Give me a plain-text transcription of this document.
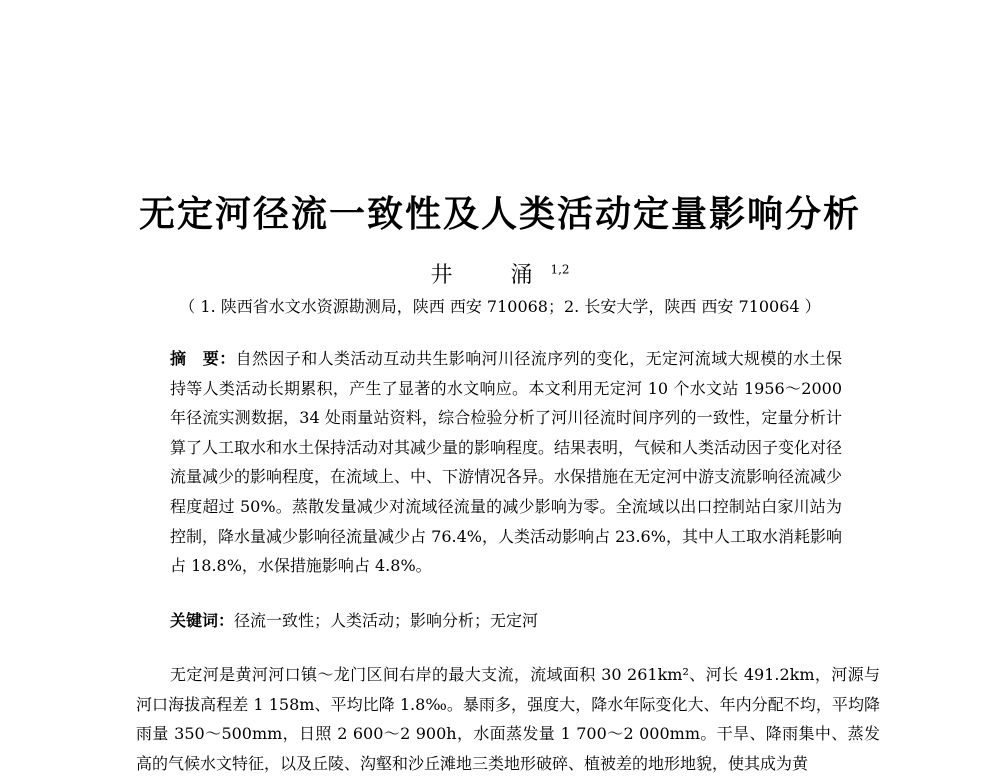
无定河径流一致性及人类活动定量影响分析
井　涌$^{1,2}$
（ 1. 陕西省水文水资源勘测局，陕西 西安 710068；2. 长安大学，陕西 西安 710064 ）
摘　要：自然因子和人类活动互动共生影响河川径流序列的变化，无定河流域大规模的水土保持等人类活动长期累积，产生了显著的水文响应。本文利用无定河 10 个水文站 1956～2000 年径流实测数据，34 处雨量站资料，综合检验分析了河川径流时间序列的一致性，定量分析计算了人工取水和水土保持活动对其减少量的影响程度。结果表明，气候和人类活动因子变化对径流量减少的影响程度，在流域上、中、下游情况各异。水保措施在无定河中游支流影响径流减少程度超过 50%。蒸散发量减少对流域径流量的减少影响为零。全流域以出口控制站白家川站为控制，降水量减少影响径流量减少占 76.4%，人类活动影响占 23.6%，其中人工取水消耗影响占 18.8%，水保措施影响占 4.8%。
关键词：径流一致性；人类活动；影响分析；无定河
无定河是黄河河口镇～龙门区间右岸的最大支流，流域面积 30 261km²、河长 491.2km，河源与河口海拔高程差 1 158m、平均比降 1.8‰。暴雨多，强度大，降水年际变化大、年内分配不均，平均降雨量 350～500mm，日照 2 600～2 900h，水面蒸发量 1 700～2 000mm。干旱、降雨集中、蒸发高的气候水文特征，以及丘陵、沟壑和沙丘滩地三类地形破碎、植被差的地形地貌，使其成为黄
